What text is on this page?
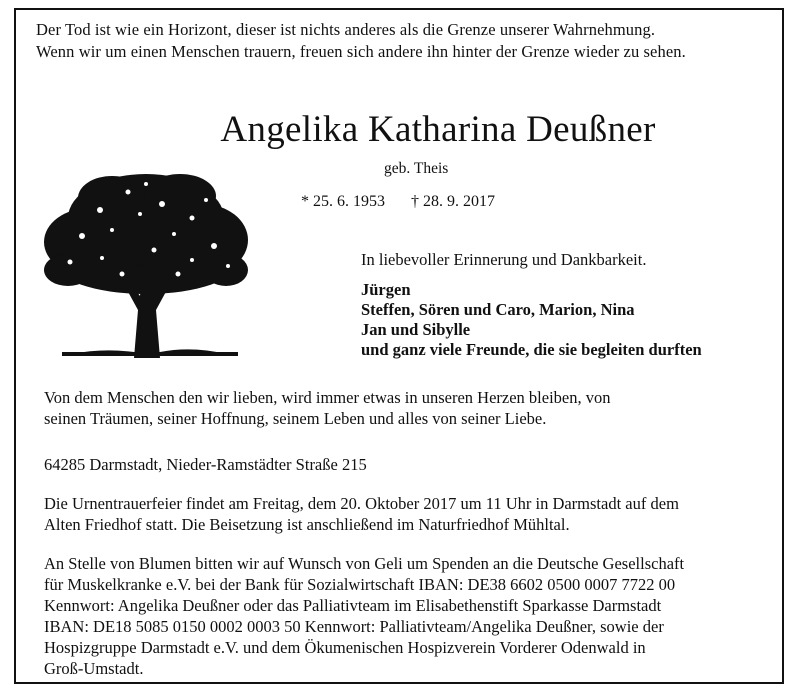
Der Tod ist wie ein Horizont, dieser ist nichts anderes als die Grenze unserer Wahrnehmung.
Wenn wir um einen Menschen trauern, freuen sich andere ihn hinter der Grenze wieder zu sehen.
Angelika Katharina Deußner
geb. Theis
* 25. 6. 1953 † 28. 9. 2017
In liebevoller Erinnerung und Dankbarkeit.
Jürgen
Steffen, Sören und Caro, Marion, Nina
Jan und Sibylle
und ganz viele Freunde, die sie begleiten durften
Von dem Menschen den wir lieben, wird immer etwas in unseren Herzen bleiben, von
seinen Träumen, seiner Hoffnung, seinem Leben und alles von seiner Liebe.
64285 Darmstadt, Nieder-Ramstädter Straße 215
Die Urnentrauerfeier findet am Freitag, dem 20. Oktober 2017 um 11 Uhr in Darmstadt auf dem
Alten Friedhof statt. Die Beisetzung ist anschließend im Naturfriedhof Mühltal.
An Stelle von Blumen bitten wir auf Wunsch von Geli um Spenden an die Deutsche Gesellschaft
für Muskelkranke e.V. bei der Bank für Sozialwirtschaft IBAN: DE38 6602 0500 0007 7722 00
Kennwort: Angelika Deußner oder das Palliativteam im Elisabethenstift Sparkasse Darmstadt
IBAN: DE18 5085 0150 0002 0003 50 Kennwort: Palliativteam/Angelika Deußner, sowie der
Hospizgruppe Darmstadt e.V. und dem Ökumenischen Hospizverein Vorderer Odenwald in
Groß-Umstadt.
